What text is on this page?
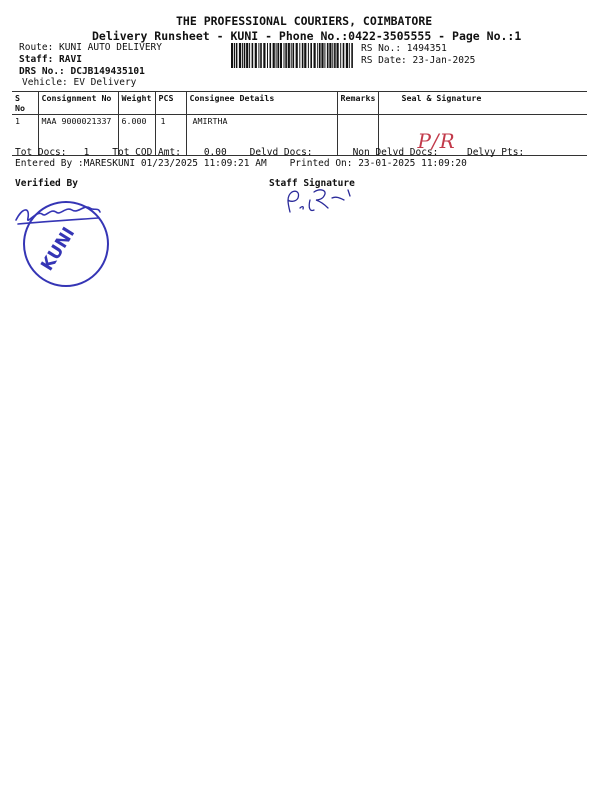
THE PROFESSIONAL COURIERS, COIMBATORE
Delivery Runsheet - KUNI - Phone No.:0422-3505555 - Page No.:1
Route: KUNI AUTO DELIVERY
Staff: RAVI
DRS No.: DCJB149435101
Vehicle: EV Delivery
RS No.: 1494351
RS Date: 23-Jan-2025
S No	Consignment No	Weight	PCS	Consignee Details	Remarks	Seal & Signature
1	MAA 9000021337	6.000	1	AMIRTHA		P/R
Tot Docs: 1 Tot COD Amt: 0.00 Delvd Docs:	Non Delvd Docs:	Delvy Pts:
Entered By :MARESKUNI 01/23/2025 11:09:21 AM Printed On: 23-01-2025 11:09:20
Verified By	Staff Signature
KUNI
